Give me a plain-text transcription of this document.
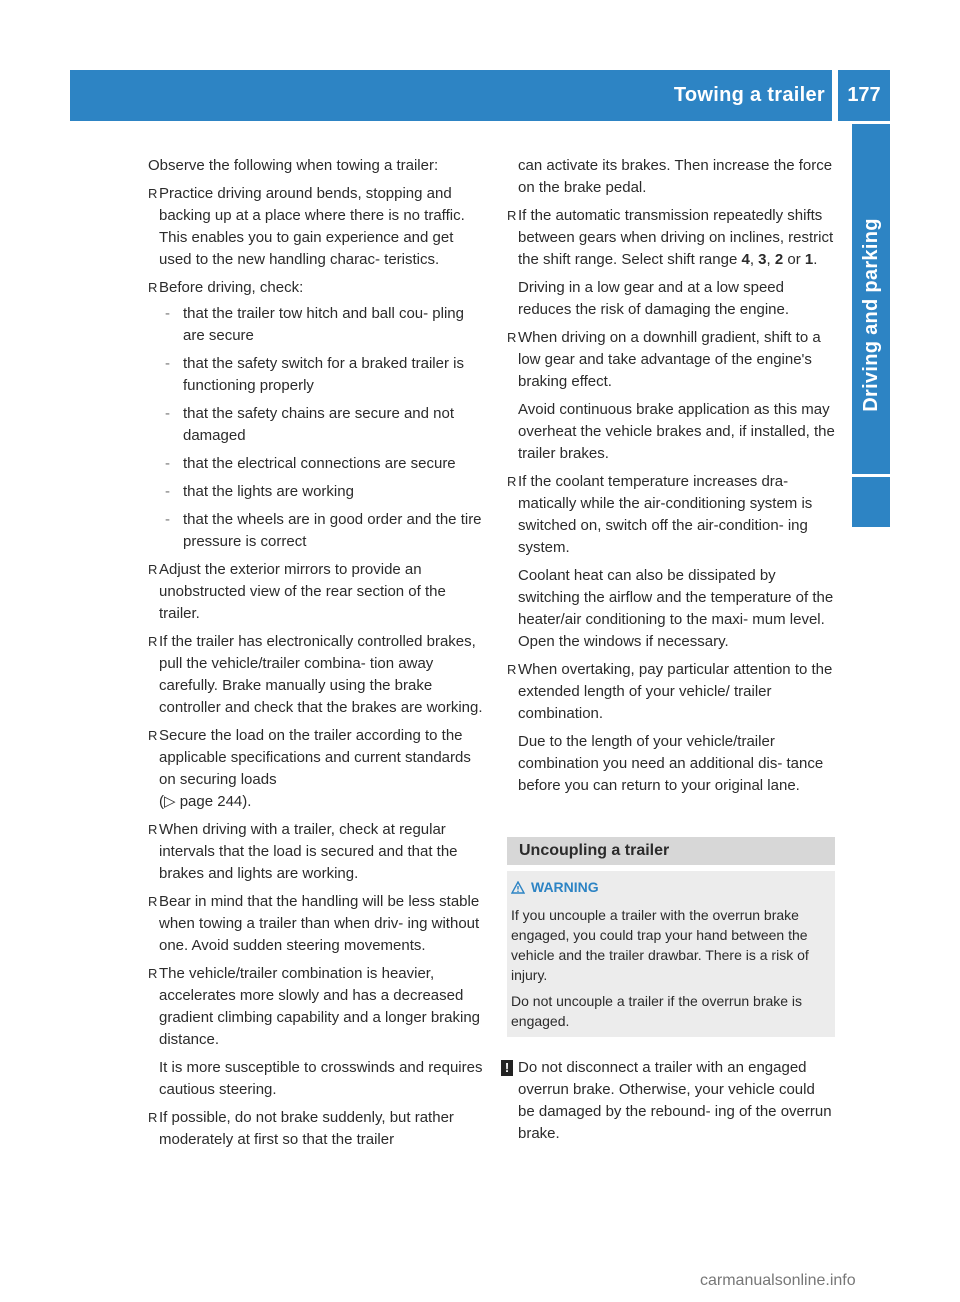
Towing a trailer	177
Driving and parking

Observe the following when towing a trailer:

R Practice driving around bends, stopping and backing up at a place where there is no traffic. This enables you to gain experience and get used to the new handling charac- teristics.
R Before driving, check:
- that the trailer tow hitch and ball cou- pling are secure
- that the safety switch for a braked trailer is functioning properly
- that the safety chains are secure and not damaged
- that the electrical connections are secure
- that the lights are working
- that the wheels are in good order and the tire pressure is correct
R Adjust the exterior mirrors to provide an unobstructed view of the rear section of the trailer.
R If the trailer has electronically controlled brakes, pull the vehicle/trailer combina- tion away carefully. Brake manually using the brake controller and check that the brakes are working.
R Secure the load on the trailer according to the applicable specifications and current standards on securing loads
(▷ page 244).
R When driving with a trailer, check at regular intervals that the load is secured and that the brakes and lights are working.
R Bear in mind that the handling will be less stable when towing a trailer than when driv- ing without one. Avoid sudden steering movements.

R The vehicle/trailer combination is heavier, accelerates more slowly and has a decreased gradient climbing capability and a longer braking distance.

It is more susceptible to crosswinds and requires cautious steering.

R If possible, do not brake suddenly, but rather moderately at first so that the trailer
can activate its brakes. Then increase the force on the brake pedal.

R If the automatic transmission repeatedly shifts between gears when driving on inclines, restrict the shift range. Select shift range 4, 3, 2 or 1.

Driving in a low gear and at a low speed reduces the risk of damaging the engine.

R When driving on a downhill gradient, shift to a low gear and take advantage of the engine's braking effect.

Avoid continuous brake application as this may overheat the vehicle brakes and, if installed, the trailer brakes.

R If the coolant temperature increases dra- matically while the air-conditioning system is switched on, switch off the air-condition- ing system.

Coolant heat can also be dissipated by switching the airflow and the temperature of the heater/air conditioning to the maxi- mum level. Open the windows if necessary.

R When overtaking, pay particular attention to the extended length of your vehicle/ trailer combination.

Due to the length of your vehicle/trailer combination you need an additional dis- tance before you can return to your original lane.

Uncoupling a trailer
WARNING

If you uncouple a trailer with the overrun brake engaged, you could trap your hand between the vehicle and the trailer drawbar. There is a risk of injury.

Do not uncouple a trailer if the overrun brake is engaged.

! Do not disconnect a trailer with an engaged overrun brake. Otherwise, your vehicle could be damaged by the rebound- ing of the overrun brake.
carmanualsonline.info
